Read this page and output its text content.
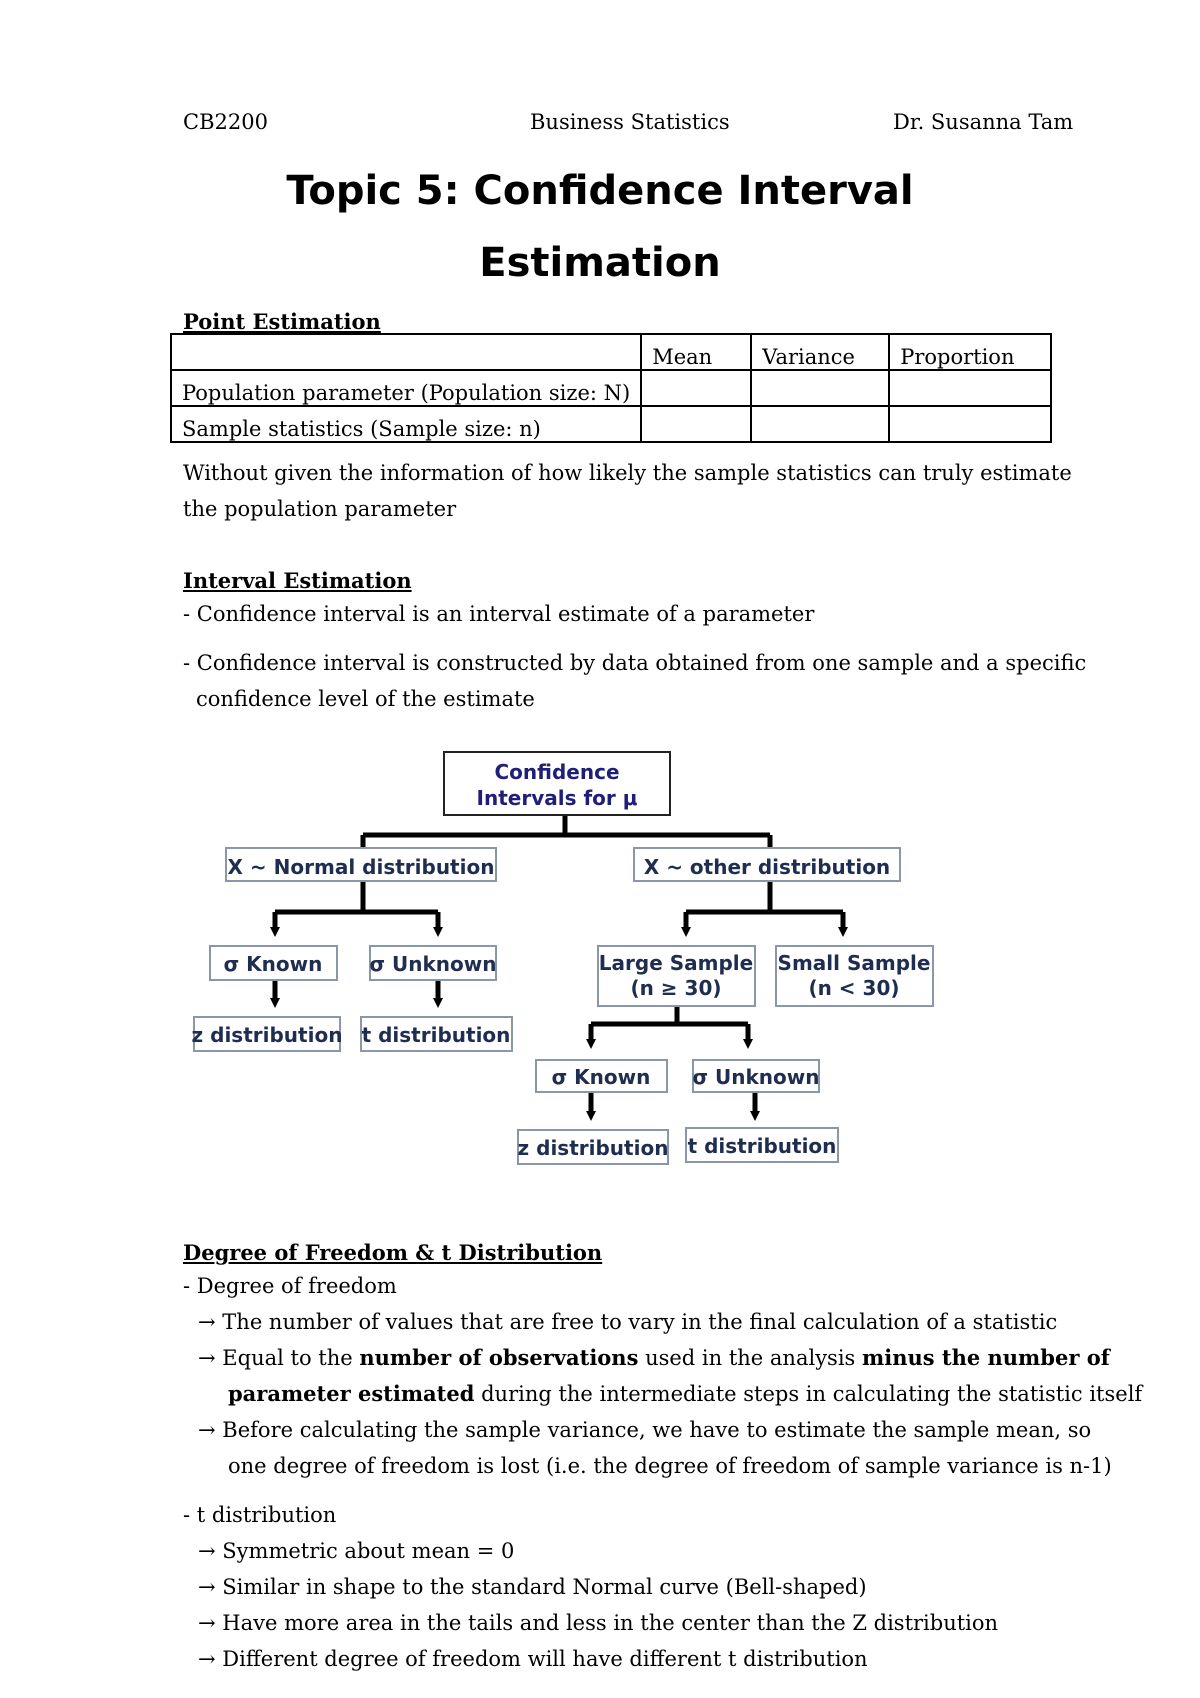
CB2200	Business Statistics	Dr. Susanna Tam
Topic 5: Confidence Interval
Estimation
Point Estimation
	Mean	Variance	Proportion
Population parameter (Population size: N)			
Sample statistics (Sample size: n)			
Without given the information of how likely the sample statistics can truly estimate
the population parameter
Interval Estimation
- Confidence interval is an interval estimate of a parameter
- Confidence interval is constructed by data obtained from one sample and a specific
confidence level of the estimate
Confidence
Intervals for μ
X ~ Normal distribution	X ~ other distribution
σ Known σ Unknown
z distribution t distribution
Large Sample
(n ≥ 30)
Small Sample
(n < 30)
σ Known σ Unknown
z distribution t distribution
Degree of Freedom & t Distribution
- Degree of freedom
→ The number of values that are free to vary in the final calculation of a statistic
→ Equal to the number of observations used in the analysis minus the number of
parameter estimated during the intermediate steps in calculating the statistic itself
→ Before calculating the sample variance, we have to estimate the sample mean, so
one degree of freedom is lost (i.e. the degree of freedom of sample variance is n-1)
- t distribution
→ Symmetric about mean = 0
→ Similar in shape to the standard Normal curve (Bell-shaped)
→ Have more area in the tails and less in the center than the Z distribution
→ Different degree of freedom will have different t distribution
